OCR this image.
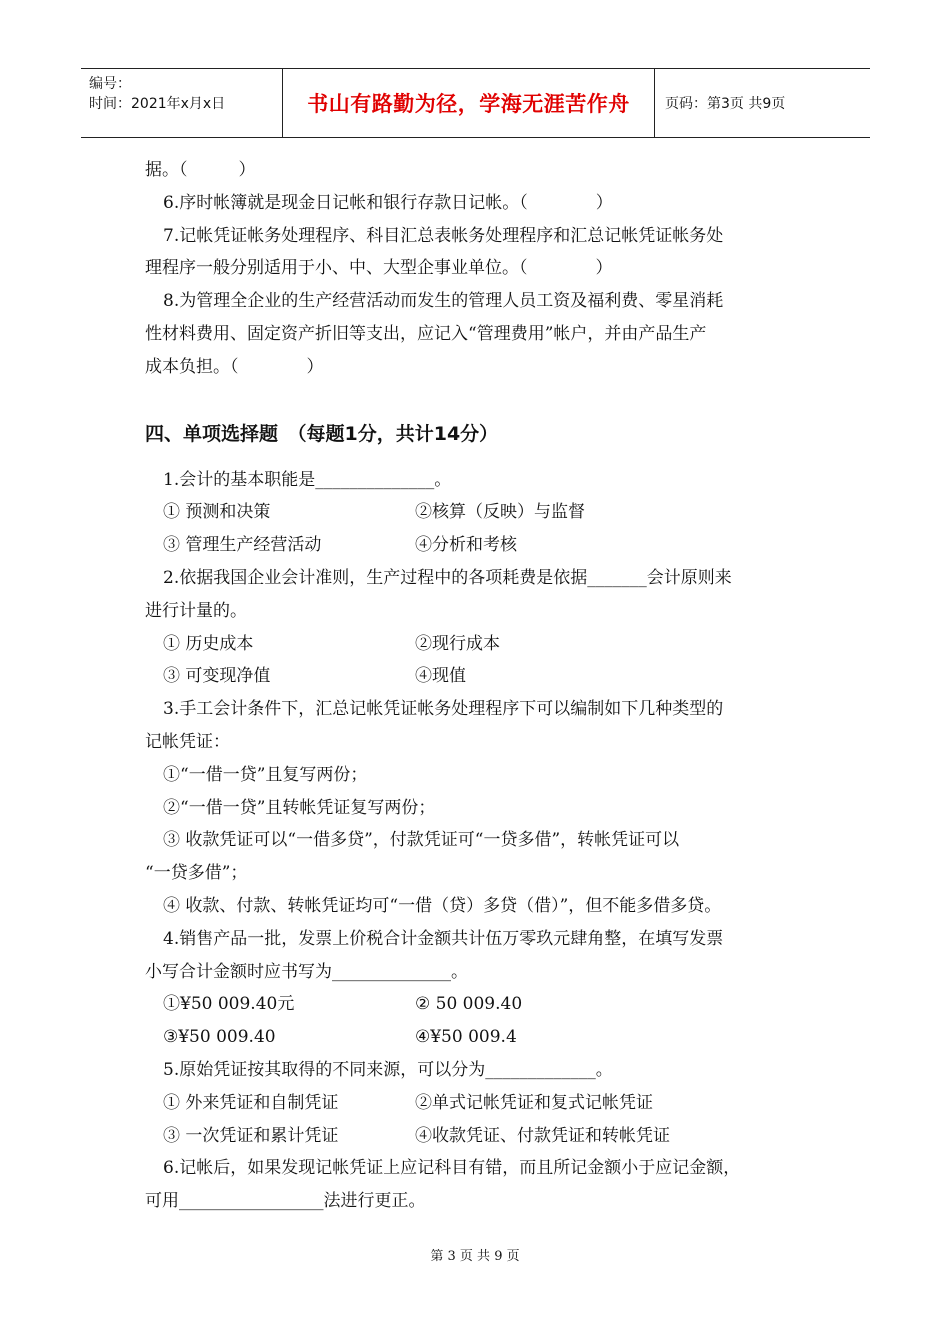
编号：
时间：2021年x月x日	书山有路勤为径，学海无涯苦作舟	页码：第3页 共9页
据。（　　　）
6.序时帐簿就是现金日记帐和银行存款日记帐。（　　　　）
7.记帐凭证帐务处理程序、科目汇总表帐务处理程序和汇总记帐凭证帐务处
理程序一般分别适用于小、中、大型企事业单位。（　　　　）
8.为管理全企业的生产经营活动而发生的管理人员工资及福利费、零星消耗
性材料费用、固定资产折旧等支出，应记入“管理费用”帐户，并由产品生产
成本负担。（　　　　）
四、单项选择题　（每题1分，共计14分）
1.会计的基本职能是______________。
① 预测和决策	②核算（反映）与监督
③ 管理生产经营活动	④分析和考核
2.依据我国企业会计准则，生产过程中的各项耗费是依据_______会计原则来
进行计量的。
① 历史成本	②现行成本
③ 可变现净值	④现值
3.手工会计条件下，汇总记帐凭证帐务处理程序下可以编制如下几种类型的
记帐凭证：
①“一借一贷”且复写两份；
②“一借一贷”且转帐凭证复写两份；
③ 收款凭证可以“一借多贷”，付款凭证可“一贷多借”，转帐凭证可以
“一贷多借”；
④ 收款、付款、转帐凭证均可“一借（贷）多贷（借）”，但不能多借多贷。
4.销售产品一批，发票上价税合计金额共计伍万零玖元肆角整，在填写发票
小写合计金额时应书写为______________。
①¥50 009.40元	② 50 009.40
③¥50 009.40	④¥50 009.4
5.原始凭证按其取得的不同来源，可以分为_____________。
① 外来凭证和自制凭证	②单式记帐凭证和复式记帐凭证
③ 一次凭证和累计凭证	④收款凭证、付款凭证和转帐凭证
6.记帐后，如果发现记帐凭证上应记科目有错，而且所记金额小于应记金额，
可用_________________法进行更正。
第 3 页 共 9 页
